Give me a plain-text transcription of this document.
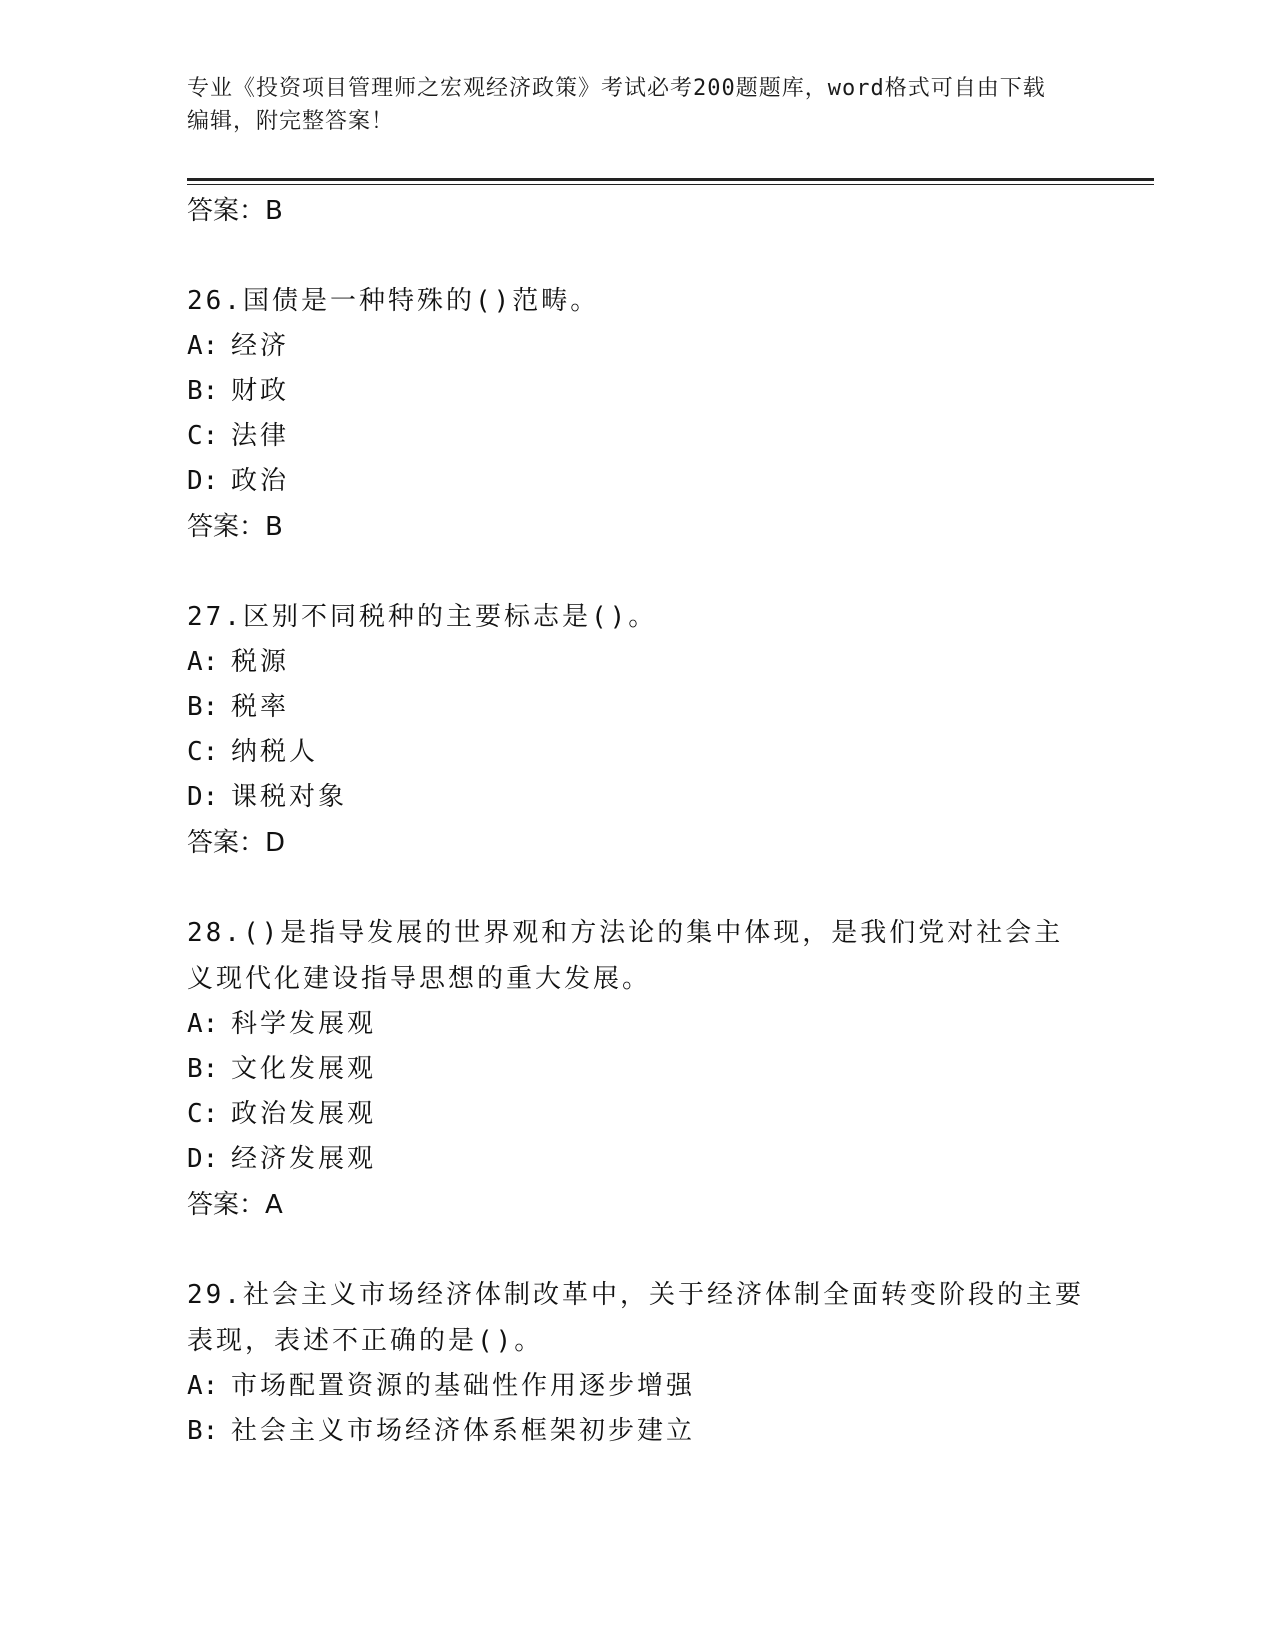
专业《投资项目管理师之宏观经济政策》考试必考200题题库，word格式可自由下载编辑，附完整答案！
答案：B
26.国债是一种特殊的()范畴。
A: 经济
B: 财政
C: 法律
D: 政治
答案：B
27.区别不同税种的主要标志是()。
A: 税源
B: 税率
C: 纳税人
D: 课税对象
答案：D
28.()是指导发展的世界观和方法论的集中体现，是我们党对社会主义现代化建设指导思想的重大发展。
A: 科学发展观
B: 文化发展观
C: 政治发展观
D: 经济发展观
答案：A
29.社会主义市场经济体制改革中，关于经济体制全面转变阶段的主要表现，表述不正确的是()。
A: 市场配置资源的基础性作用逐步增强
B: 社会主义市场经济体系框架初步建立
